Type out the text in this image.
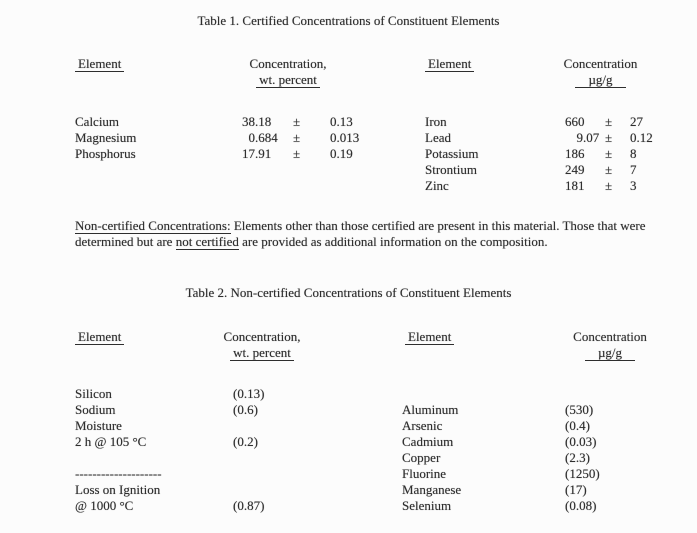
Table 1. Certified Concentrations of Constituent Elements
Element	Concentration,
wt. percent
Element	Concentration
µg/g
Calcium	38 .18	±	0.13
Magnesium	0 .684	±	0.013
Phosphorus	17 .91	±	0.19
Iron	660 ±	27
Lead	9 .07 ±	0.12
Potassium	186 ±	8
Strontium	249 ±	7
Zinc	181 ±	3
Non-certified Concentrations: Elements other than those certified are present in this material. Those that were
determined but are not certified are provided as additional information on the composition.
Table 2. Non-certified Concentrations of Constituent Elements
Element	Concentration,
wt. percent
Element	Concentration
µg/g
Silicon	(0.13)
Sodium	(0.6)
Moisture
2 h @ 105 °C	(0.2)
--------------------
Loss on Ignition
@ 1000 °C	(0.87)
Aluminum	(530)
Arsenic	(0.4)
Cadmium	(0.03)
Copper	(2.3)
Fluorine	(1250)
Manganese	(17)
Selenium	(0.08)
